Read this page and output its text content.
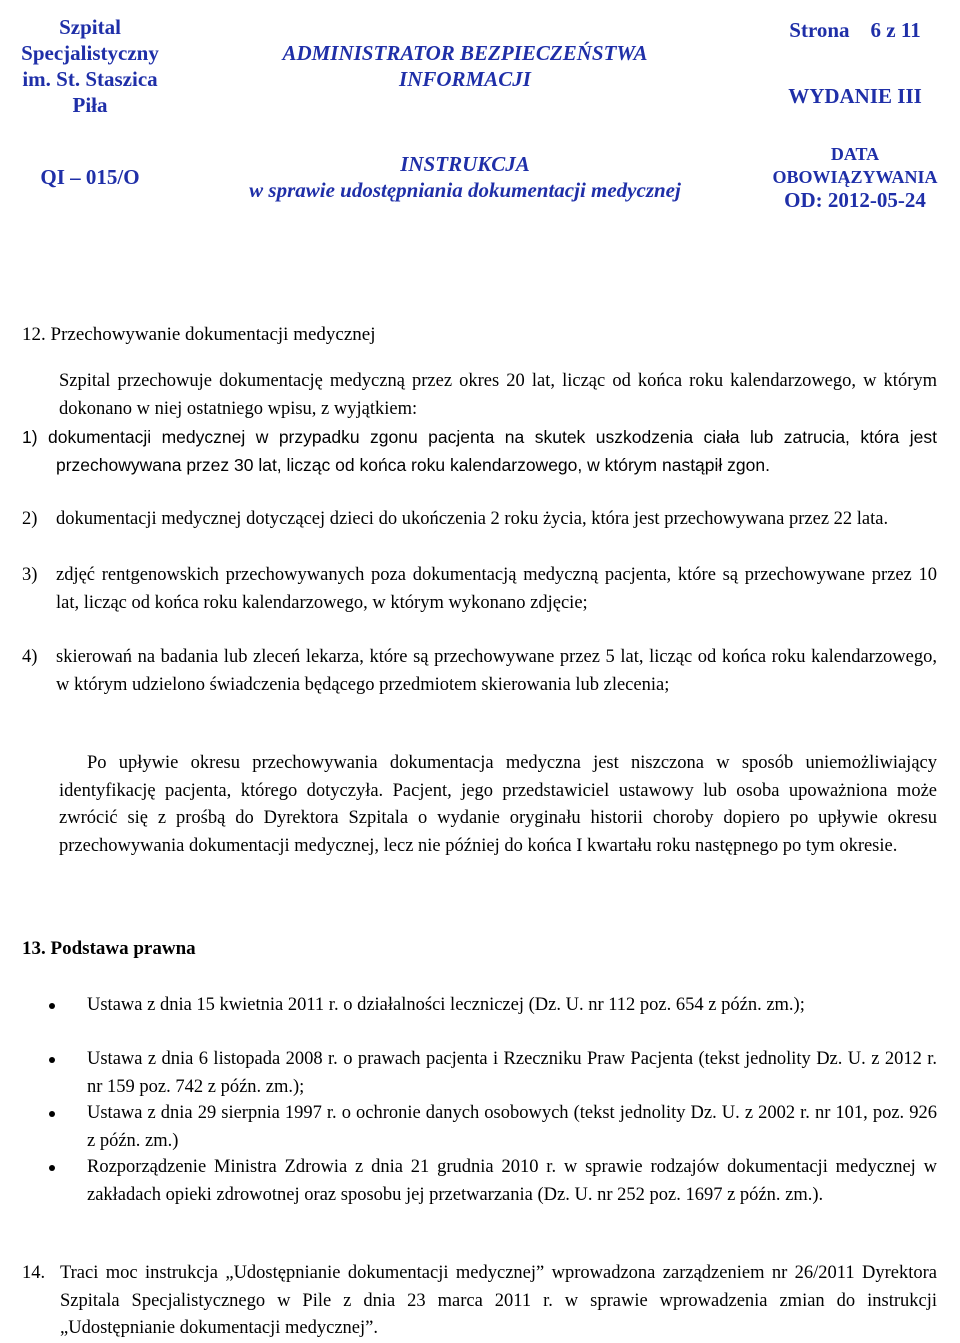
Szpital
Specjalistyczny
im. St. Staszica
Piła
ADMINISTRATOR BEZPIECZEŃSTWA
INFORMACJI
Strona    6 z 11
WYDANIE III
QI – 015/O
INSTRUKCJA
w sprawie udostępniania dokumentacji medycznej
DATA
OBOWIĄZYWANIA
OD: 2012-05-24
12. Przechowywanie dokumentacji medycznej
Szpital przechowuje dokumentację medyczną przez okres 20 lat, licząc od końca roku kalendarzowego, w którym dokonano w niej ostatniego wpisu, z wyjątkiem:
1) dokumentacji medycznej w przypadku zgonu pacjenta na skutek uszkodzenia ciała lub zatrucia, która jest przechowywana przez 30 lat, licząc od końca roku kalendarzowego, w którym nastąpił zgon.
2) dokumentacji medycznej dotyczącej dzieci do ukończenia 2 roku życia, która jest przechowywana przez 22 lata.
3) zdjęć rentgenowskich przechowywanych poza dokumentacją medyczną pacjenta, które są przechowywane przez 10 lat, licząc od końca roku kalendarzowego, w którym wykonano zdjęcie;
4) skierowań na badania lub zleceń lekarza, które są przechowywane przez 5 lat, licząc od końca roku kalendarzowego, w którym udzielono świadczenia będącego przedmiotem skierowania lub zlecenia;
Po upływie okresu przechowywania dokumentacja medyczna jest niszczona w sposób uniemożliwiający identyfikację pacjenta, którego dotyczyła. Pacjent, jego przedstawiciel ustawowy lub osoba upoważniona może zwrócić się z prośbą do Dyrektora Szpitala o wydanie oryginału historii choroby dopiero po upływie okresu przechowywania dokumentacji medycznej, lecz nie później do końca I kwartału roku następnego po tym okresie.
13. Podstawa prawna
Ustawa z dnia 15 kwietnia 2011 r. o działalności leczniczej (Dz. U. nr 112 poz. 654 z późn. zm.);
Ustawa z dnia 6 listopada 2008 r. o prawach pacjenta i Rzeczniku Praw Pacjenta (tekst jednolity Dz. U. z 2012 r. nr 159 poz. 742 z późn. zm.);
Ustawa z dnia 29 sierpnia 1997 r. o ochronie danych osobowych (tekst jednolity Dz. U. z 2002 r. nr 101, poz. 926 z późn. zm.)
Rozporządzenie Ministra Zdrowia z dnia 21 grudnia 2010 r. w sprawie rodzajów dokumentacji medycznej w zakładach opieki zdrowotnej oraz sposobu jej przetwarzania (Dz. U. nr 252 poz. 1697 z późn. zm.).
14. Traci moc instrukcja „Udostępnianie dokumentacji medycznej” wprowadzona zarządzeniem nr 26/2011 Dyrektora Szpitala Specjalistycznego w Pile z dnia 23 marca 2011 r. w sprawie wprowadzenia zmian do instrukcji „Udostępnianie dokumentacji medycznej”.
